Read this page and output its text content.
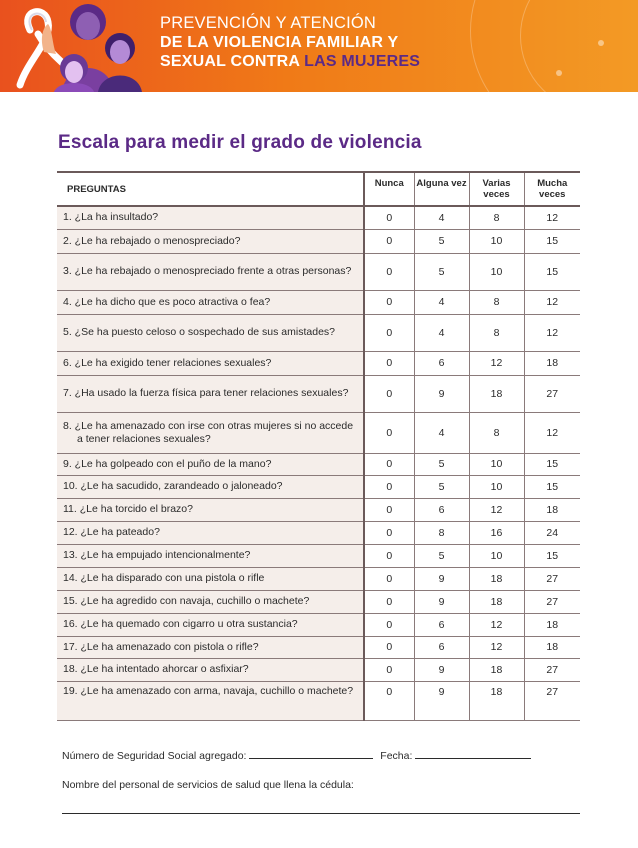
PREVENCIÓN Y ATENCIÓN
DE LA VIOLENCIA FAMILIAR Y
SEXUAL CONTRA LAS MUJERES
Escala para medir el grado de violencia
PREGUNTAS	Nunca	Alguna vez	Varias veces	Mucha veces

1. ¿La ha insultado?	0	4	8	12

2. ¿Le ha rebajado o menospreciado?	0	5	10	15

3. ¿Le ha rebajado o menospreciado frente a otras personas?	0	5	10	15

4. ¿Le ha dicho que es poco atractiva o fea?	0	4	8	12

5. ¿Se ha puesto celoso o sospechado de sus amistades?	0	4	8	12

6. ¿Le ha exigido tener relaciones sexuales?	0	6	12	18

7. ¿Ha usado la fuerza física para tener relaciones sexuales?	0	9	18	27

8. ¿Le ha amenazado con irse con otras mujeres si no accede a tener relaciones sexuales?	0	4	8	12

9. ¿Le ha golpeado con el puño de la mano?	0	5	10	15

10. ¿Le ha sacudido, zarandeado o jaloneado?	0	5	10	15

11. ¿Le ha torcido el brazo?	0	6	12	18

12. ¿Le ha pateado?	0	8	16	24

13. ¿Le ha empujado intencionalmente?	0	5	10	15

14. ¿Le ha disparado con una pistola o rifle	0	9	18	27

15. ¿Le ha agredido con navaja, cuchillo o machete?	0	9	18	27

16. ¿Le ha quemado con cigarro u otra sustancia?	0	6	12	18

17. ¿Le ha amenazado con pistola o rifle?	0	6	12	18

18. ¿Le ha intentado ahorcar o asfixiar?	0	9	18	27

19. ¿Le ha amenazado con arma, navaja, cuchillo o machete?	0	9	18	27
Número de Seguridad Social agregado:	Fecha:
Nombre del personal de servicios de salud que llena la cédula:
